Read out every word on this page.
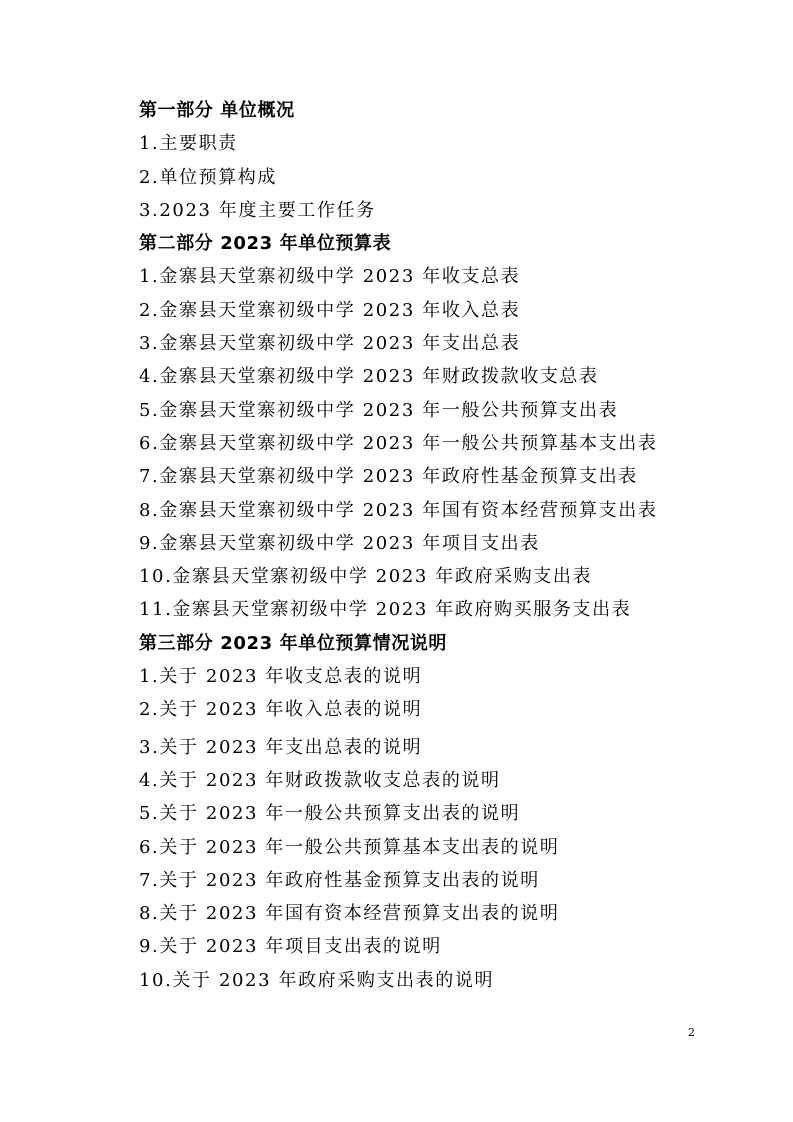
第一部分 单位概况
1.主要职责
2.单位预算构成
3.2023 年度主要工作任务
第二部分 2023 年单位预算表
1.金寨县天堂寨初级中学 2023 年收支总表
2.金寨县天堂寨初级中学 2023 年收入总表
3.金寨县天堂寨初级中学 2023 年支出总表
4.金寨县天堂寨初级中学 2023 年财政拨款收支总表
5.金寨县天堂寨初级中学 2023 年一般公共预算支出表
6.金寨县天堂寨初级中学 2023 年一般公共预算基本支出表
7.金寨县天堂寨初级中学 2023 年政府性基金预算支出表
8.金寨县天堂寨初级中学 2023 年国有资本经营预算支出表
9.金寨县天堂寨初级中学 2023 年项目支出表
10.金寨县天堂寨初级中学 2023 年政府采购支出表
11.金寨县天堂寨初级中学 2023 年政府购买服务支出表
第三部分 2023 年单位预算情况说明
1.关于 2023 年收支总表的说明
2.关于 2023 年收入总表的说明
3.关于 2023 年支出总表的说明
4.关于 2023 年财政拨款收支总表的说明
5.关于 2023 年一般公共预算支出表的说明
6.关于 2023 年一般公共预算基本支出表的说明
7.关于 2023 年政府性基金预算支出表的说明
8.关于 2023 年国有资本经营预算支出表的说明
9.关于 2023 年项目支出表的说明
10.关于 2023 年政府采购支出表的说明
2
